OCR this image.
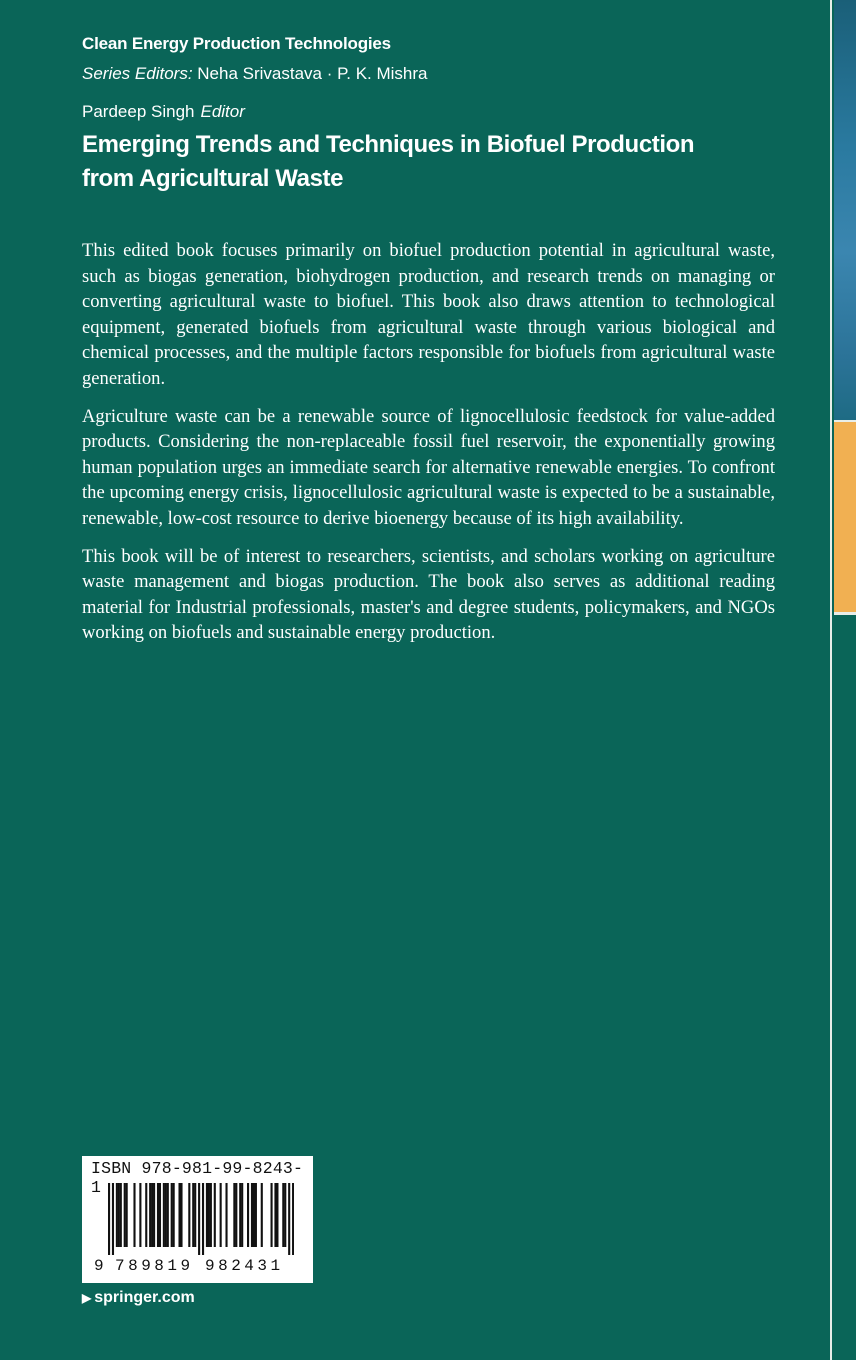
Clean Energy Production Technologies
Series Editors: Neha Srivastava · P. K. Mishra
Pardeep Singh Editor
Emerging Trends and Techniques in Biofuel Production
from Agricultural Waste

This edited book focuses primarily on biofuel production potential in agricultural waste, such as biogas generation, biohydrogen production, and research trends on managing or converting agricultural waste to biofuel. This book also draws attention to technological equipment, generated biofuels from agricultural waste through various biological and chemical processes, and the multiple factors responsible for biofuels from agricultural waste generation.

Agriculture waste can be a renewable source of lignocellulosic feedstock for value-added products. Considering the non-replaceable fossil fuel reservoir, the exponentially growing human population urges an immediate search for alternative renewable energies. To confront the upcoming energy crisis, lignocellulosic agricultural waste is expected to be a sustainable, renewable, low-cost resource to derive bioenergy because of its high availability.

This book will be of interest to researchers, scientists, and scholars working on agriculture waste management and biogas production. The book also serves as additional reading material for Industrial professionals, master's and degree students, policymakers, and NGOs working on biofuels and sustainable energy production.

ISBN 978-981-99-8243-1
9 789819 982431
▶ springer.com
